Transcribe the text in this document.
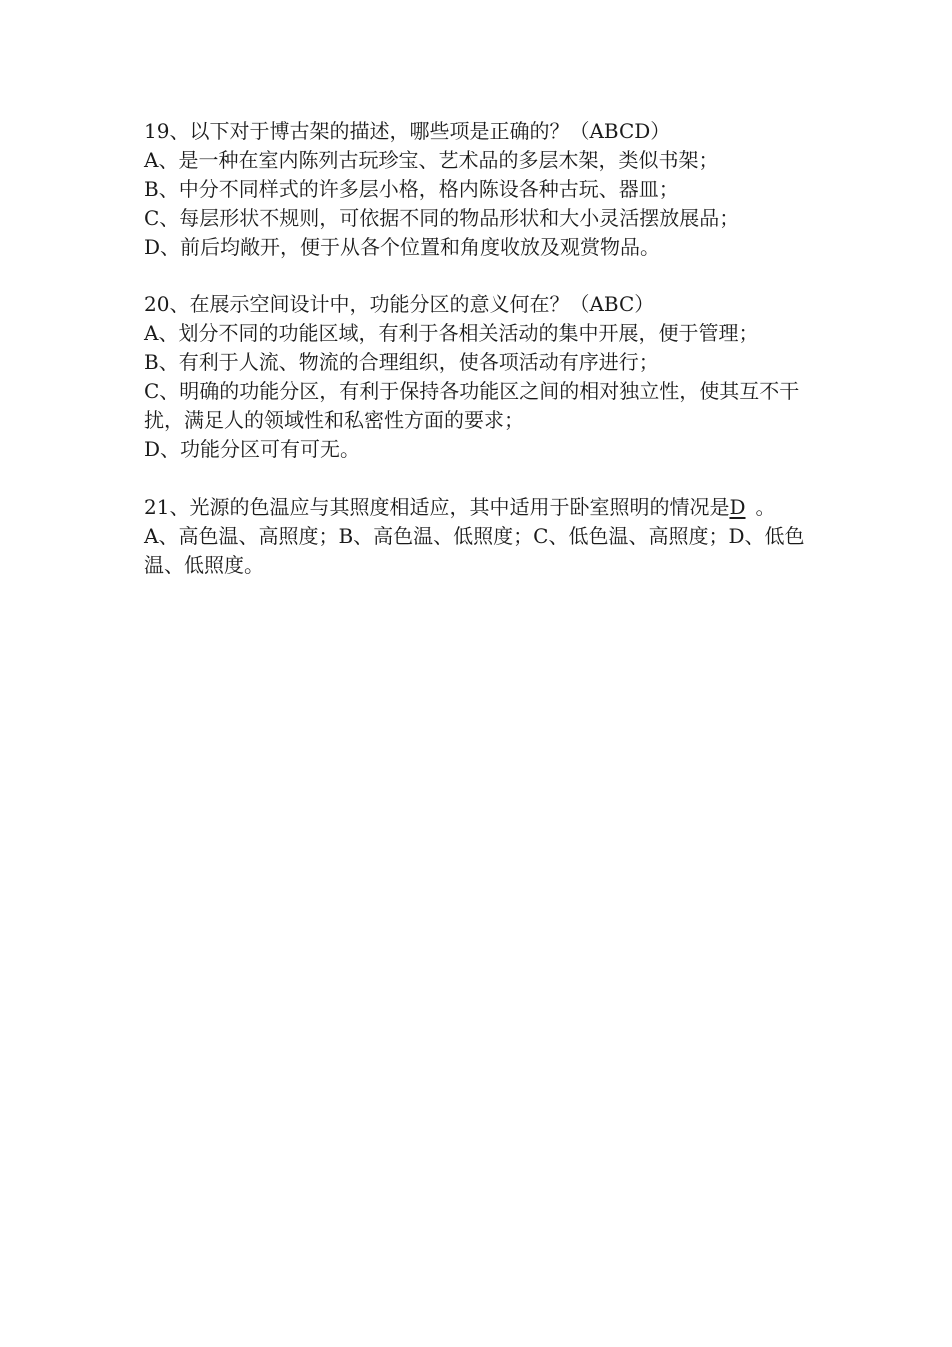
19、以下对于博古架的描述，哪些项是正确的？（ABCD）
A、是一种在室内陈列古玩珍宝、艺术品的多层木架，类似书架；
B、中分不同样式的许多层小格，格内陈设各种古玩、器皿；
C、每层形状不规则，可依据不同的物品形状和大小灵活摆放展品；
D、前后均敞开，便于从各个位置和角度收放及观赏物品。
20、在展示空间设计中，功能分区的意义何在？（ABC）
A、划分不同的功能区域，有利于各相关活动的集中开展，便于管理；
B、有利于人流、物流的合理组织，使各项活动有序进行；
C、明确的功能分区，有利于保持各功能区之间的相对独立性，使其互不干扰，满足人的领域性和私密性方面的要求；
D、功能分区可有可无。
21、光源的色温应与其照度相适应，其中适用于卧室照明的情况是D 。
A、高色温、高照度；B、高色温、低照度；C、低色温、高照度；D、低色温、低照度。
